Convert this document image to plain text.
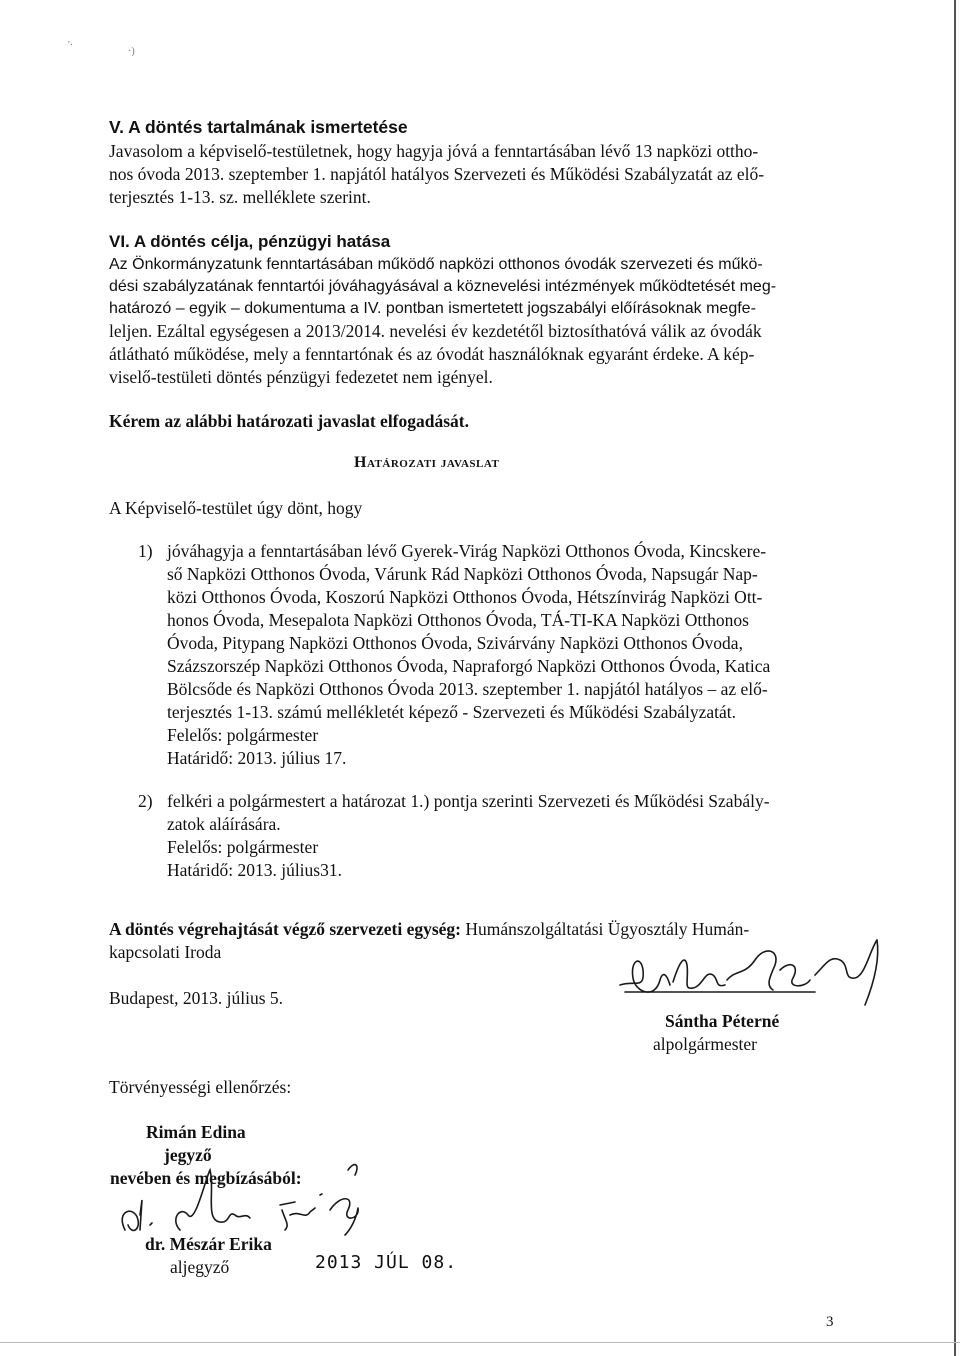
'·
·)
V. A döntés tartalmának ismertetése
Javasolom a képviselő-testületnek, hogy hagyja jóvá a fenntartásában lévő 13 napközi ottho-
nos óvoda 2013. szeptember 1. napjától hatályos Szervezeti és Működési Szabályzatát az elő-
terjesztés 1-13. sz. melléklete szerint.
VI. A döntés célja, pénzügyi hatása
Az Önkormányzatunk fenntartásában működő napközi otthonos óvodák szervezeti és műkö-
dési szabályzatának fenntartói jóváhagyásával a köznevelési intézmények működtetését meg-
határozó – egyik – dokumentuma a IV. pontban ismertetett jogszabályi előírásoknak megfe-
leljen. Ezáltal egységesen a 2013/2014. nevelési év kezdetétől biztosíthatóvá válik az óvodák
átlátható működése, mely a fenntartónak és az óvodát használóknak egyaránt érdeke. A kép-
viselő-testületi döntés pénzügyi fedezetet nem igényel.
Kérem az alábbi határozati javaslat elfogadását.
Határozati javaslat
A Képviselő-testület úgy dönt, hogy
1) jóváhagyja a fenntartásában lévő Gyerek-Virág Napközi Otthonos Óvoda, Kincskere-
ső Napközi Otthonos Óvoda, Várunk Rád Napközi Otthonos Óvoda, Napsugár Nap-
közi Otthonos Óvoda, Koszorú Napközi Otthonos Óvoda, Hétszínvirág Napközi Ott-
honos Óvoda, Mesepalota Napközi Otthonos Óvoda, TÁ-TI-KA Napközi Otthonos
Óvoda, Pitypang Napközi Otthonos Óvoda, Szivárvány Napközi Otthonos Óvoda,
Százszorszép Napközi Otthonos Óvoda, Napraforgó Napközi Otthonos Óvoda, Katica
Bölcsőde és Napközi Otthonos Óvoda 2013. szeptember 1. napjától hatályos – az elő-
terjesztés 1-13. számú mellékletét képező - Szervezeti és Működési Szabályzatát.
Felelős: polgármester
Határidő: 2013. július 17.
2) felkéri a polgármestert a határozat 1.) pontja szerinti Szervezeti és Működési Szabály-
zatok aláírására.
Felelős: polgármester
Határidő: 2013. július31.
A döntés végrehajtását végző szervezeti egység: Humánszolgáltatási Ügyosztály Humán-
kapcsolati Iroda
Budapest, 2013. július 5.
Sántha Péterné
alpolgármester
Törvényességi ellenőrzés:
Rimán Edina
jegyző
nevében és megbízásából:
dr. Mészár Erika
aljegyző	2013 JÚL 08.
3
